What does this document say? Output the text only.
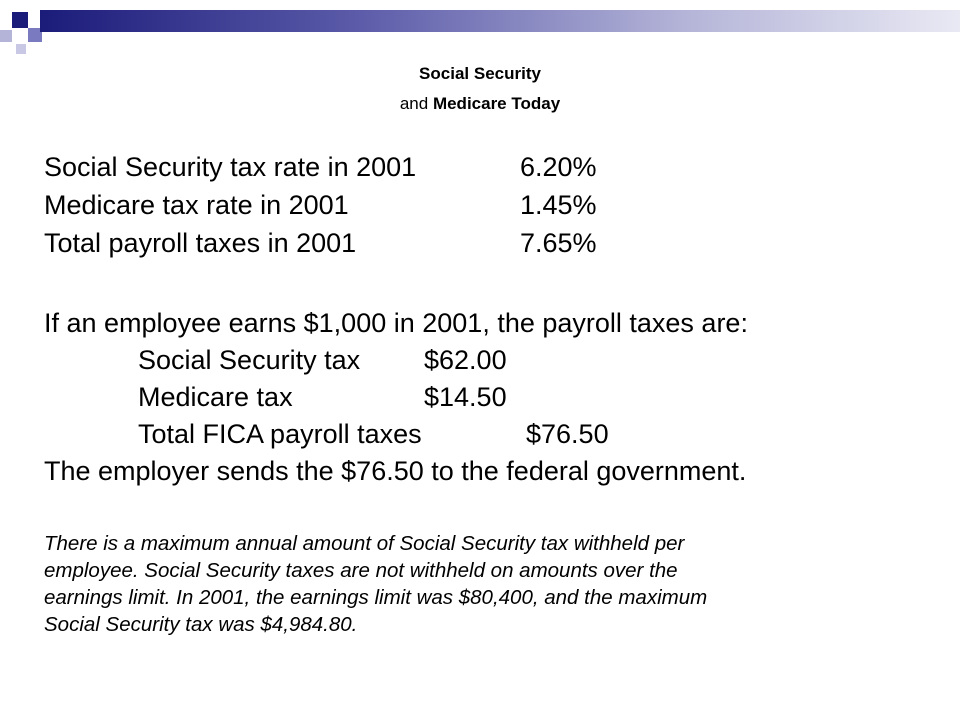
Social Security
and Medicare Today
Social Security tax rate in 2001	6.20%
Medicare tax rate in 2001	1.45%
Total payroll taxes in 2001	7.65%
If an employee earns $1,000 in 2001, the payroll taxes are:
Social Security tax $62.00
Medicare tax	$14.50
Total FICA payroll taxes	$76.50
The employer sends the $76.50 to the federal government.
There is a maximum annual amount of Social Security tax withheld per
employee. Social Security taxes are not withheld on amounts over the
earnings limit. In 2001, the earnings limit was $80,400, and the maximum
Social Security tax was $4,984.80.
